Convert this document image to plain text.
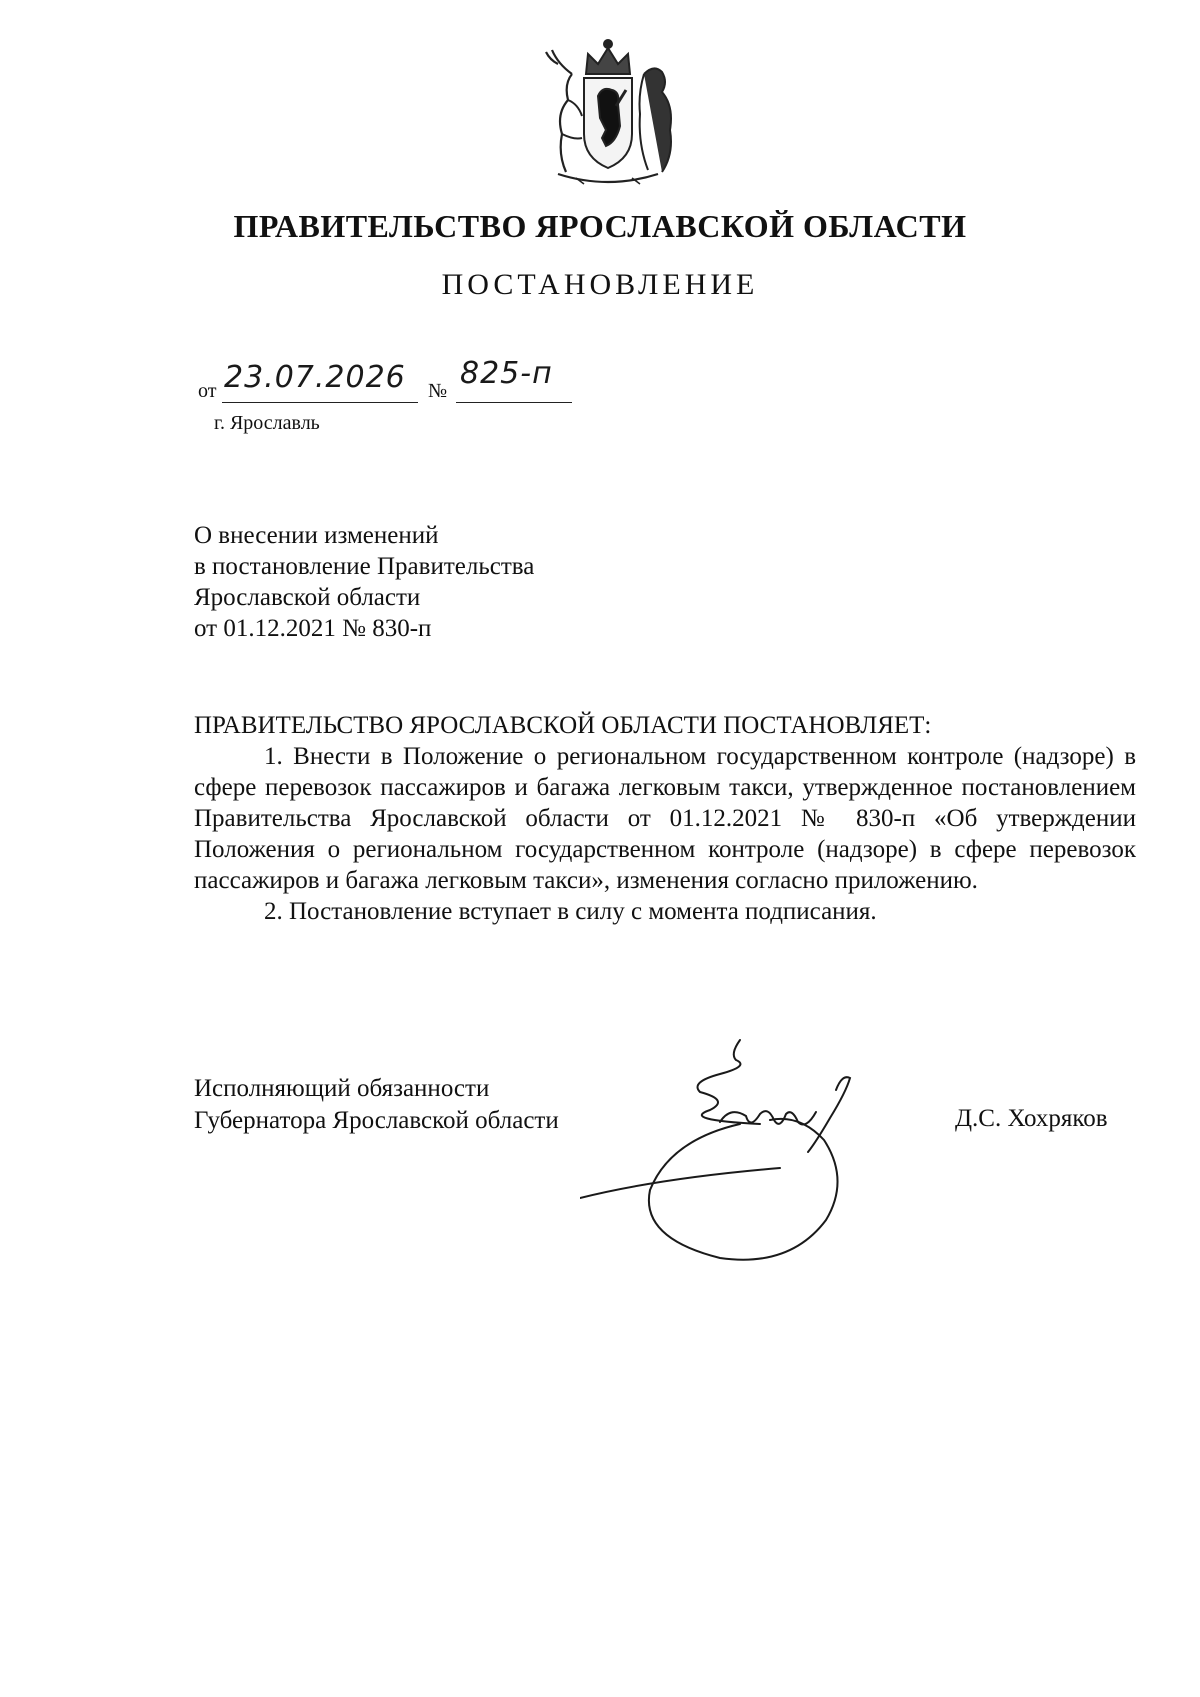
ПРАВИТЕЛЬСТВО ЯРОСЛАВСКОЙ ОБЛАСТИ
ПОСТАНОВЛЕНИЕ
от 23.07.2026 № 825-п
г. Ярославль
О внесении изменений
в постановление Правительства
Ярославской области
от 01.12.2021 № 830-п
ПРАВИТЕЛЬСТВО ЯРОСЛАВСКОЙ ОБЛАСТИ ПОСТАНОВЛЯЕТ:

1. Внести в Положение о региональном государственном контроле (надзоре) в сфере перевозок пассажиров и багажа легковым такси, утвержденное постановлением Правительства Ярославской области от 01.12.2021 № 830-п «Об утверждении Положения о региональном государственном контроле (надзоре) в сфере перевозок пассажиров и багажа легковым такси», изменения согласно приложению.

2. Постановление вступает в силу с момента подписания.

Исполняющий обязанности
Губернатора Ярославской области	Д.С. Хохряков
